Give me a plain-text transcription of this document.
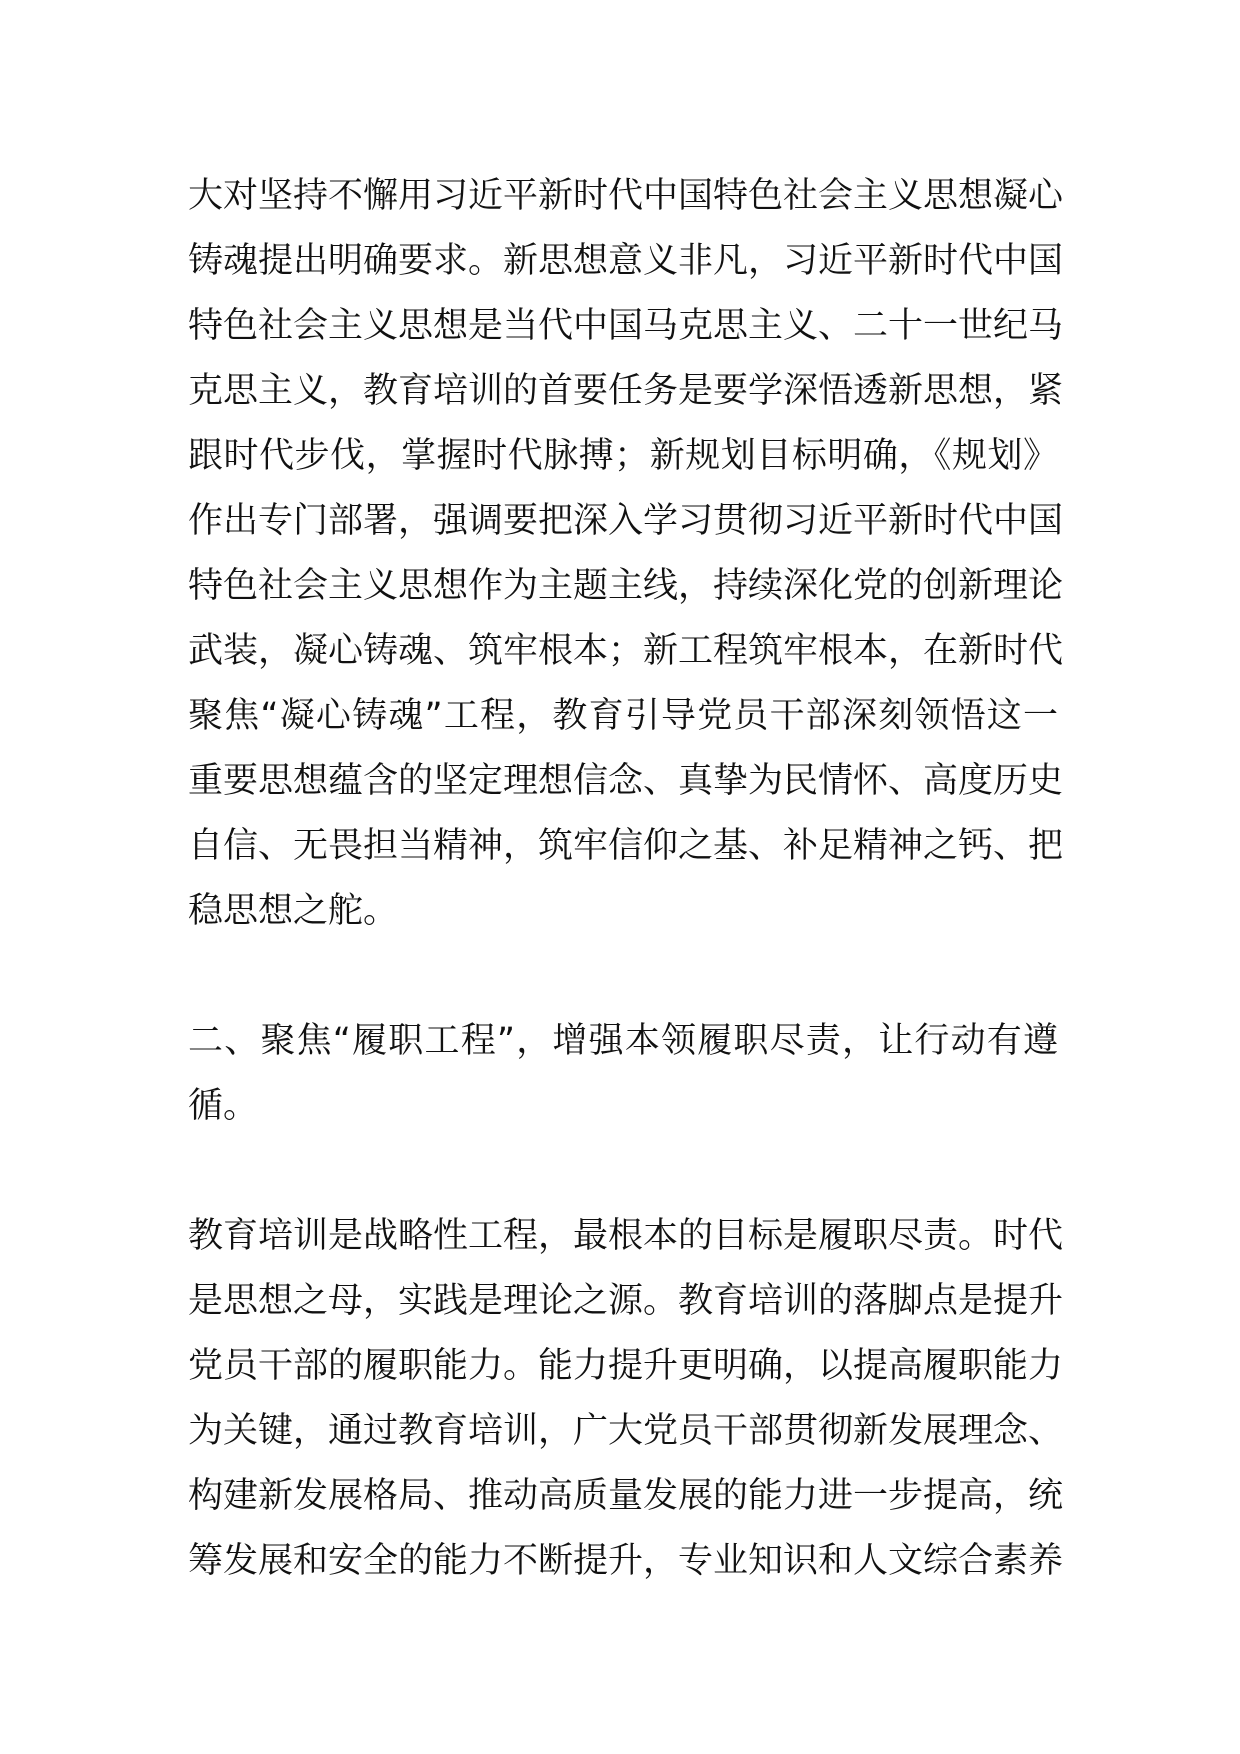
大对坚持不懈用习近平新时代中国特色社会主义思想凝心
铸魂提出明确要求。新思想意义非凡，习近平新时代中国
特色社会主义思想是当代中国马克思主义、二十一世纪马
克思主义，教育培训的首要任务是要学深悟透新思想，紧
跟时代步伐，掌握时代脉搏；新规划目标明确，《规划》
作出专门部署，强调要把深入学习贯彻习近平新时代中国
特色社会主义思想作为主题主线，持续深化党的创新理论
武装，凝心铸魂、筑牢根本；新工程筑牢根本，在新时代
聚焦“凝心铸魂”工程，教育引导党员干部深刻领悟这一
重要思想蕴含的坚定理想信念、真挚为民情怀、高度历史
自信、无畏担当精神，筑牢信仰之基、补足精神之钙、把
稳思想之舵。
二、聚焦“履职工程”，增强本领履职尽责，让行动有遵
循。
教育培训是战略性工程，最根本的目标是履职尽责。时代
是思想之母，实践是理论之源。教育培训的落脚点是提升
党员干部的履职能力。能力提升更明确，以提高履职能力
为关键，通过教育培训，广大党员干部贯彻新发展理念、
构建新发展格局、推动高质量发展的能力进一步提高，统
筹发展和安全的能力不断提升，专业知识和人文综合素养
